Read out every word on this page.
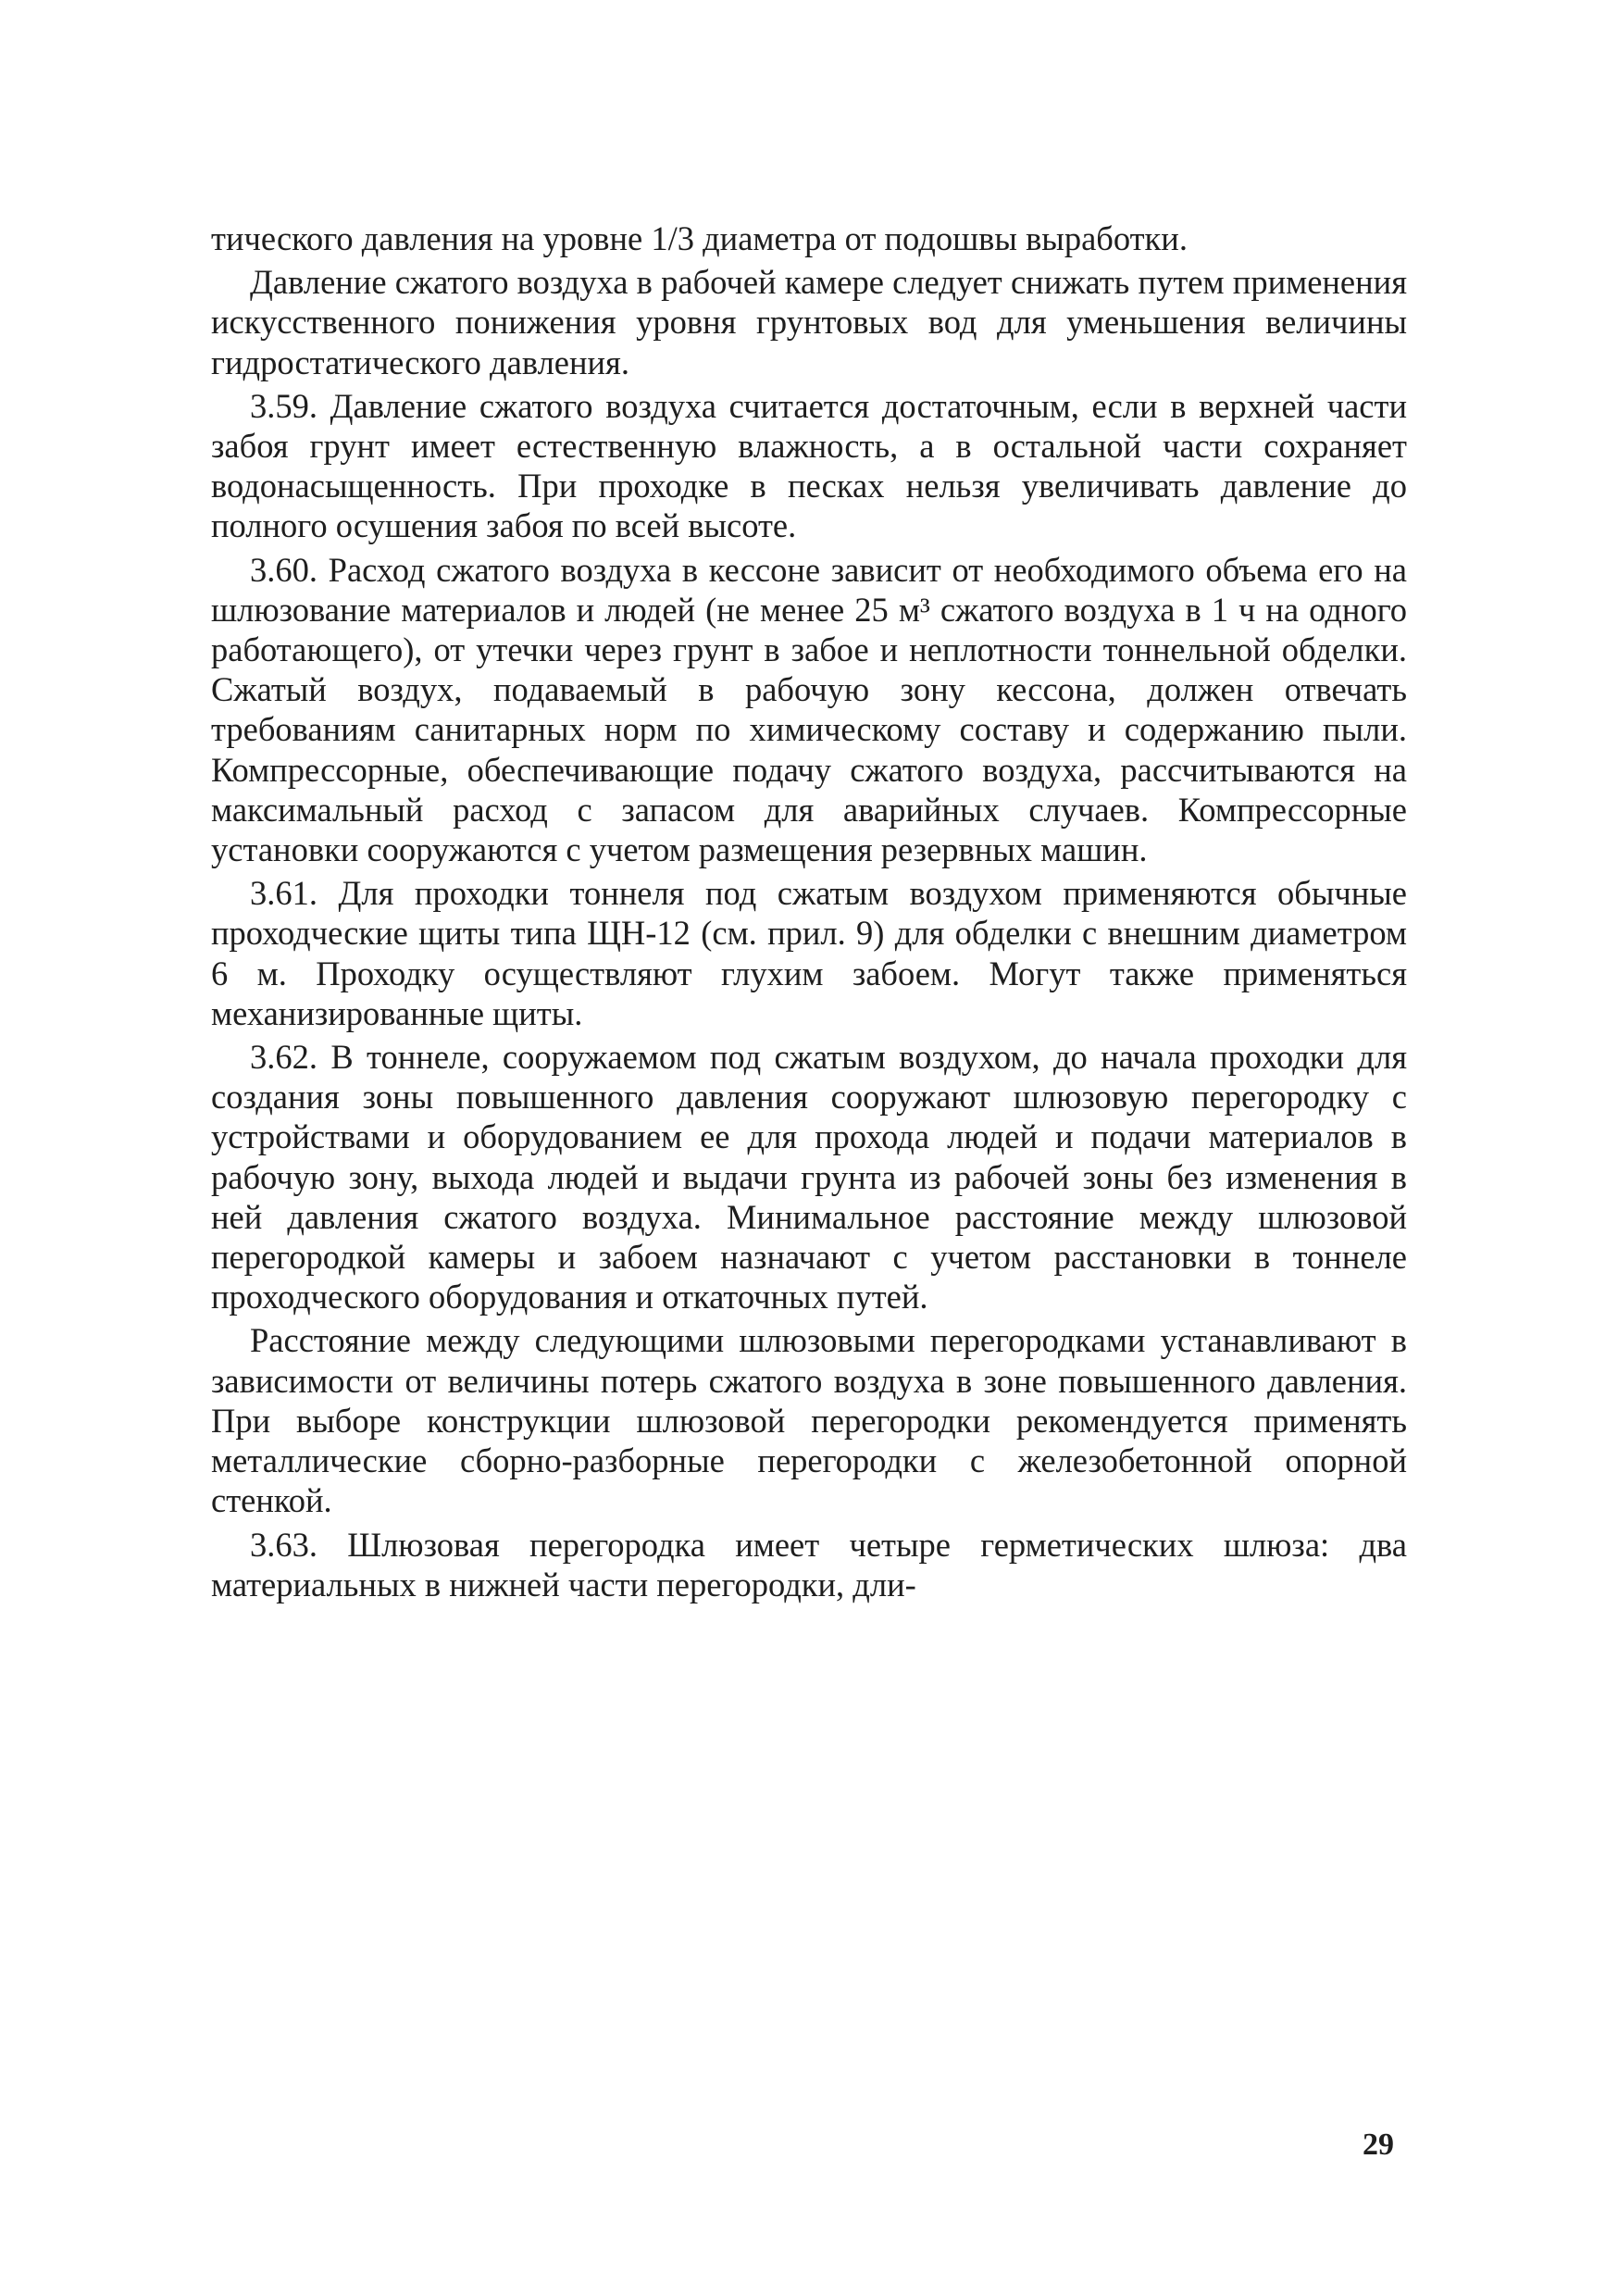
тического давления на уровне 1/3 диаметра от подошвы выработки.

Давление сжатого воздуха в рабочей камере следует снижать путем применения искусственного понижения уровня грунтовых вод для уменьшения величины гидростатического давления.

3.59. Давление сжатого воздуха считается достаточным, если в верхней части забоя грунт имеет естественную влажность, а в остальной части сохраняет водонасыщенность. При проходке в песках нельзя увеличивать давление до полного осушения забоя по всей высоте.

3.60. Расход сжатого воздуха в кессоне зависит от необходимого объема его на шлюзование материалов и людей (не менее 25 м³ сжатого воздуха в 1 ч на одного работающего), от утечки через грунт в забое и неплотности тоннельной обделки. Сжатый воздух, подаваемый в рабочую зону кессона, должен отвечать требованиям санитарных норм по химическому составу и содержанию пыли. Компрессорные, обеспечивающие подачу сжатого воздуха, рассчитываются на максимальный расход с запасом для аварийных случаев. Компрессорные установки сооружаются с учетом размещения резервных машин.

3.61. Для проходки тоннеля под сжатым воздухом применяются обычные проходческие щиты типа ЩН-12 (см. прил. 9) для обделки с внешним диаметром 6 м. Проходку осуществляют глухим забоем. Могут также применяться механизированные щиты.

3.62. В тоннеле, сооружаемом под сжатым воздухом, до начала проходки для создания зоны повышенного давления сооружают шлюзовую перегородку с устройствами и оборудованием ее для прохода людей и подачи материалов в рабочую зону, выхода людей и выдачи грунта из рабочей зоны без изменения в ней давления сжатого воздуха. Минимальное расстояние между шлюзовой перегородкой камеры и забоем назначают с учетом расстановки в тоннеле проходческого оборудования и откаточных путей.

Расстояние между следующими шлюзовыми перегородками устанавливают в зависимости от величины потерь сжатого воздуха в зоне повышенного давления. При выборе конструкции шлюзовой перегородки рекомендуется применять металлические сборно-разборные перегородки с железобетонной опорной стенкой.

3.63. Шлюзовая перегородка имеет четыре герметических шлюза: два материальных в нижней части перегородки, дли-

29
